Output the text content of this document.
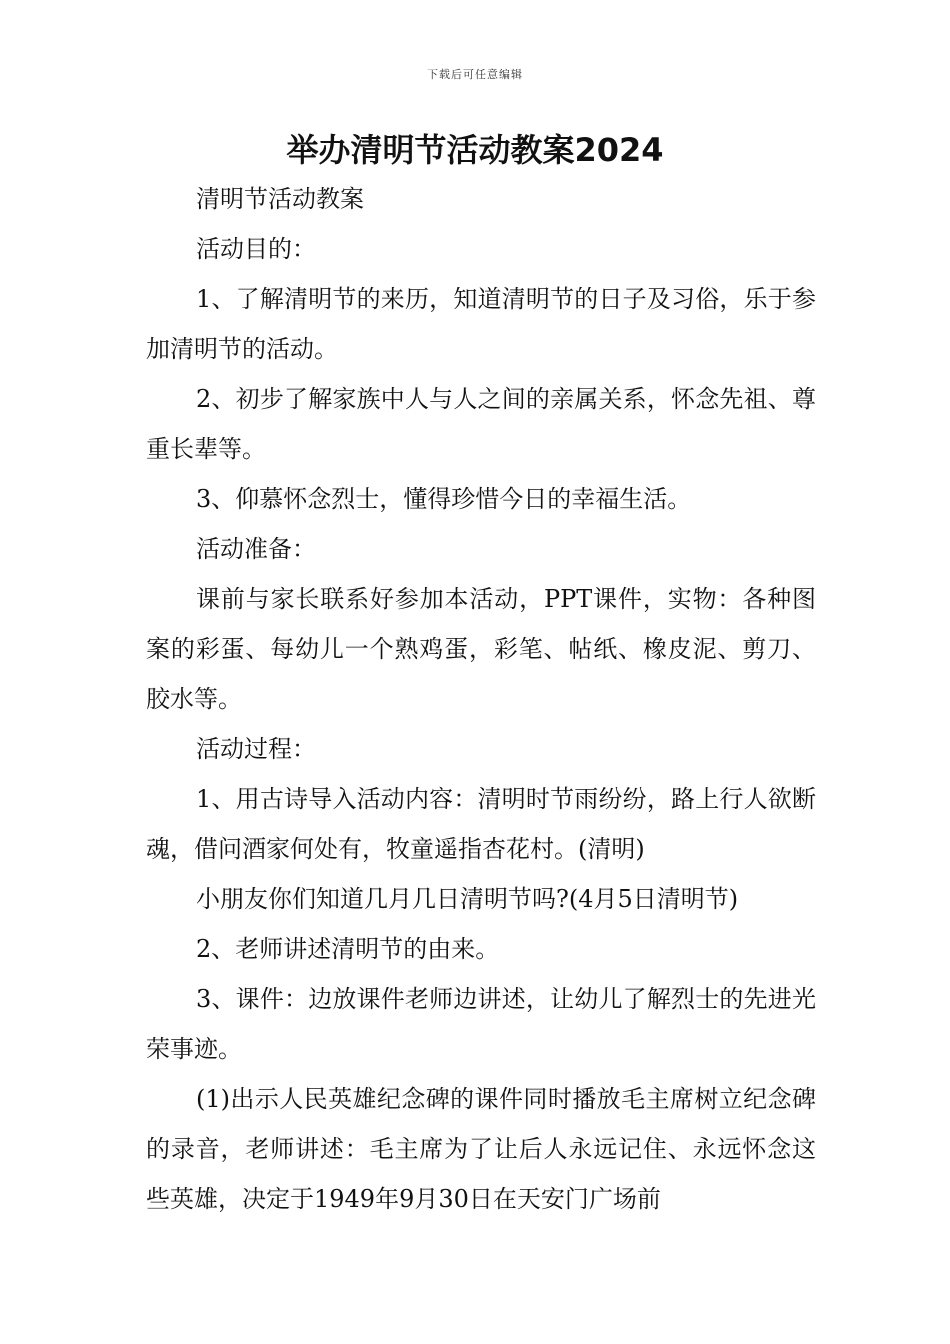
下载后可任意编辑
举办清明节活动教案2024

清明节活动教案

活动目的：

1、了解清明节的来历，知道清明节的日子及习俗，乐于参加清明节的活动。

2、初步了解家族中人与人之间的亲属关系，怀念先祖、尊重长辈等。

3、仰慕怀念烈士，懂得珍惜今日的幸福生活。

活动准备：

课前与家长联系好参加本活动，PPT课件，实物：各种图案的彩蛋、每幼儿一个熟鸡蛋，彩笔、帖纸、橡皮泥、剪刀、胶水等。

活动过程：

1、用古诗导入活动内容：清明时节雨纷纷，路上行人欲断魂，借问酒家何处有，牧童遥指杏花村。(清明)

小朋友你们知道几月几日清明节吗?(4月5日清明节)

2、老师讲述清明节的由来。

3、课件：边放课件老师边讲述，让幼儿了解烈士的先进光荣事迹。

(1)出示人民英雄纪念碑的课件同时播放毛主席树立纪念碑的录音，老师讲述：毛主席为了让后人永远记住、永远怀念这些英雄，决定于1949年9月30日在天安门广场前
